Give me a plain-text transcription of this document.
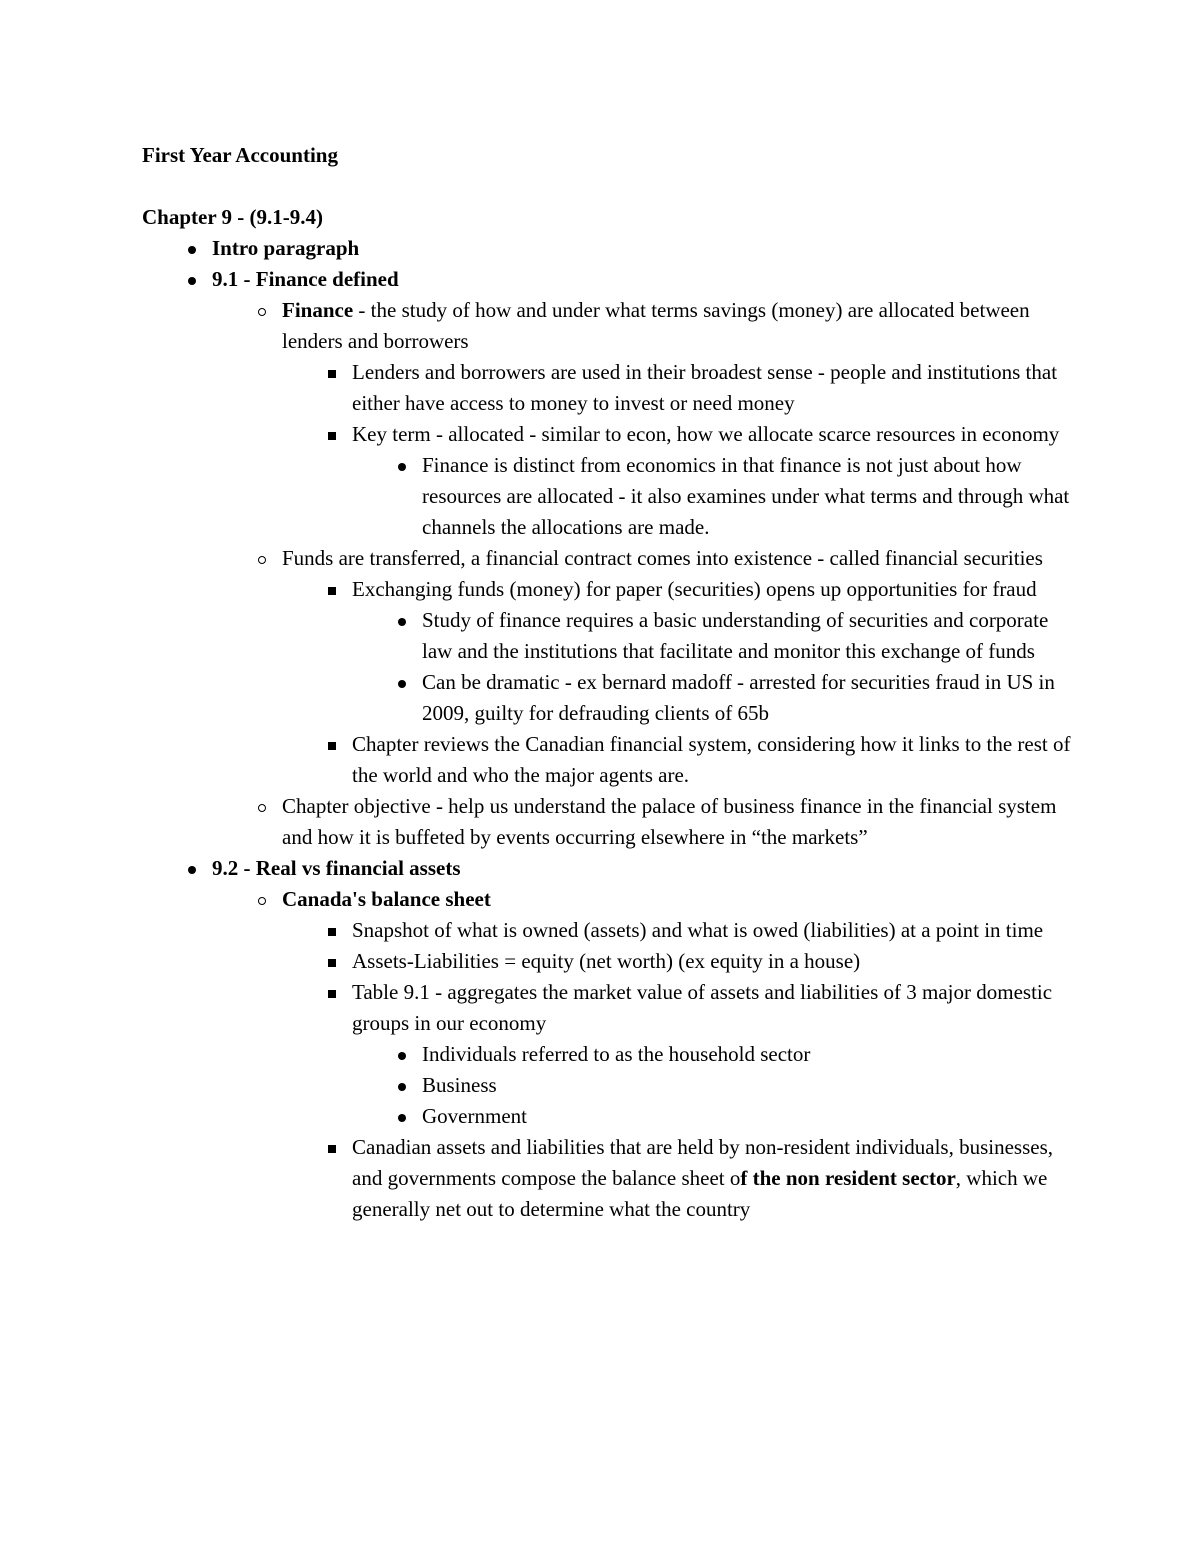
First Year Accounting
Chapter 9 - (9.1-9.4)
Intro paragraph
9.1 - Finance defined
Finance - the study of how and under what terms savings (money) are allocated between lenders and borrowers
Lenders and borrowers are used in their broadest sense - people and institutions that either have access to money to invest or need money
Key term - allocated - similar to econ, how we allocate scarce resources in economy
Finance is distinct from economics in that finance is not just about how resources are allocated - it also examines under what terms and through what channels the allocations are made.
Funds are transferred, a financial contract comes into existence - called financial securities
Exchanging funds (money) for paper (securities) opens up opportunities for fraud
Study of finance requires a basic understanding of securities and corporate law and the institutions that facilitate and monitor this exchange of funds
Can be dramatic - ex bernard madoff - arrested for securities fraud in US in 2009, guilty for defrauding clients of 65b
Chapter reviews the Canadian financial system, considering how it links to the rest of the world and who the major agents are.
Chapter objective - help us understand the palace of business finance in the financial system and how it is buffeted by events occurring elsewhere in “the markets”
9.2 - Real vs financial assets
Canada's balance sheet
Snapshot of what is owned (assets) and what is owed (liabilities) at a point in time
Assets-Liabilities = equity (net worth) (ex equity in a house)
Table 9.1 - aggregates the market value of assets and liabilities of 3 major domestic groups in our economy
Individuals referred to as the household sector
Business
Government
Canadian assets and liabilities that are held by non-resident individuals, businesses, and governments compose the balance sheet of the non resident sector, which we generally net out to determine what the country
